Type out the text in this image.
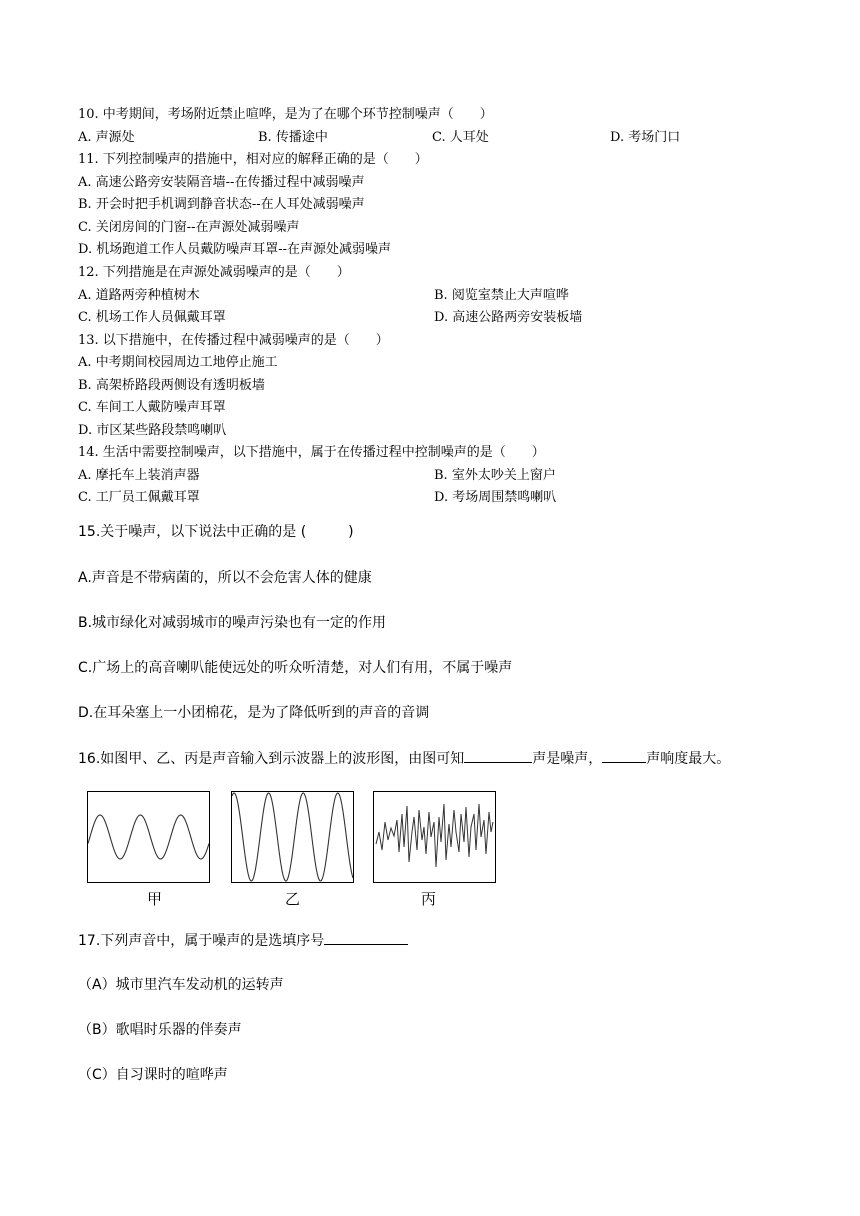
10. 中考期间，考场附近禁止喧哗，是为了在哪个环节控制噪声（　　）
A. 声源处	B. 传播途中	C. 人耳处	D. 考场门口
11. 下列控制噪声的措施中，相对应的解释正确的是（　　）
A. 高速公路旁安装隔音墙--在传播过程中减弱噪声
B. 开会时把手机调到静音状态--在人耳处减弱噪声
C. 关闭房间的门窗--在声源处减弱噪声
D. 机场跑道工作人员戴防噪声耳罩--在声源处减弱噪声
12. 下列措施是在声源处减弱噪声的是（　　）
A. 道路两旁种植树木	B. 阅览室禁止大声喧哗
C. 机场工作人员佩戴耳罩	D. 高速公路两旁安装板墙
13. 以下措施中，在传播过程中减弱噪声的是（　　）
A. 中考期间校园周边工地停止施工
B. 高架桥路段两侧设有透明板墙
C. 车间工人戴防噪声耳罩
D. 市区某些路段禁鸣喇叭
14. 生活中需要控制噪声，以下措施中，属于在传播过程中控制噪声的是（　　）
A. 摩托车上装消声器	B. 室外太吵关上窗户
C. 工厂员工佩戴耳罩	D. 考场周围禁鸣喇叭
15.关于噪声，以下说法中正确的是 (　　　)
A.声音是不带病菌的，所以不会危害人体的健康
B.城市绿化对减弱城市的噪声污染也有一定的作用
C.广场上的高音喇叭能使远处的听众听清楚，对人们有用，不属于噪声
D.在耳朵塞上一小团棉花，是为了降低听到的声音的音调
16.如图甲、乙、丙是声音输入到示波器上的波形图，由图可知	声是噪声，	声响度最大。
甲	乙	丙
17.下列声音中，属于噪声的是选填序号
（A）城市里汽车发动机的运转声
（B）歌唱时乐器的伴奏声
（C）自习课时的喧哗声
